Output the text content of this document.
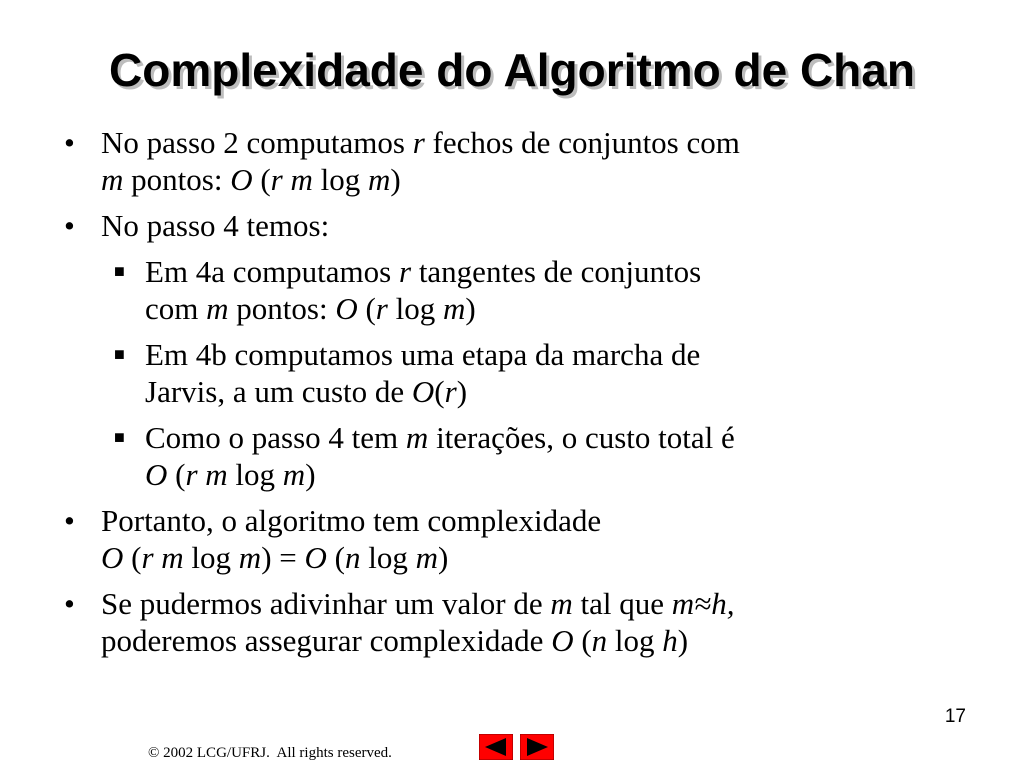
Complexidade do Algoritmo de Chan
• No passo 2 computamos r fechos de conjuntos com
m pontos: O (r m log m)
• No passo 4 temos:
■ Em 4a computamos r tangentes de conjuntos
com m pontos: O (r log m)
■ Em 4b computamos uma etapa da marcha de
Jarvis, a um custo de O(r)
■ Como o passo 4 tem m iterações, o custo total é
O (r m log m)
• Portanto, o algoritmo tem complexidade
O (r m log m) = O (n log m)
• Se pudermos adivinhar um valor de m tal que m≈h,
poderemos assegurar complexidade O (n log h)
17
© 2002 LCG/UFRJ.  All rights reserved.
